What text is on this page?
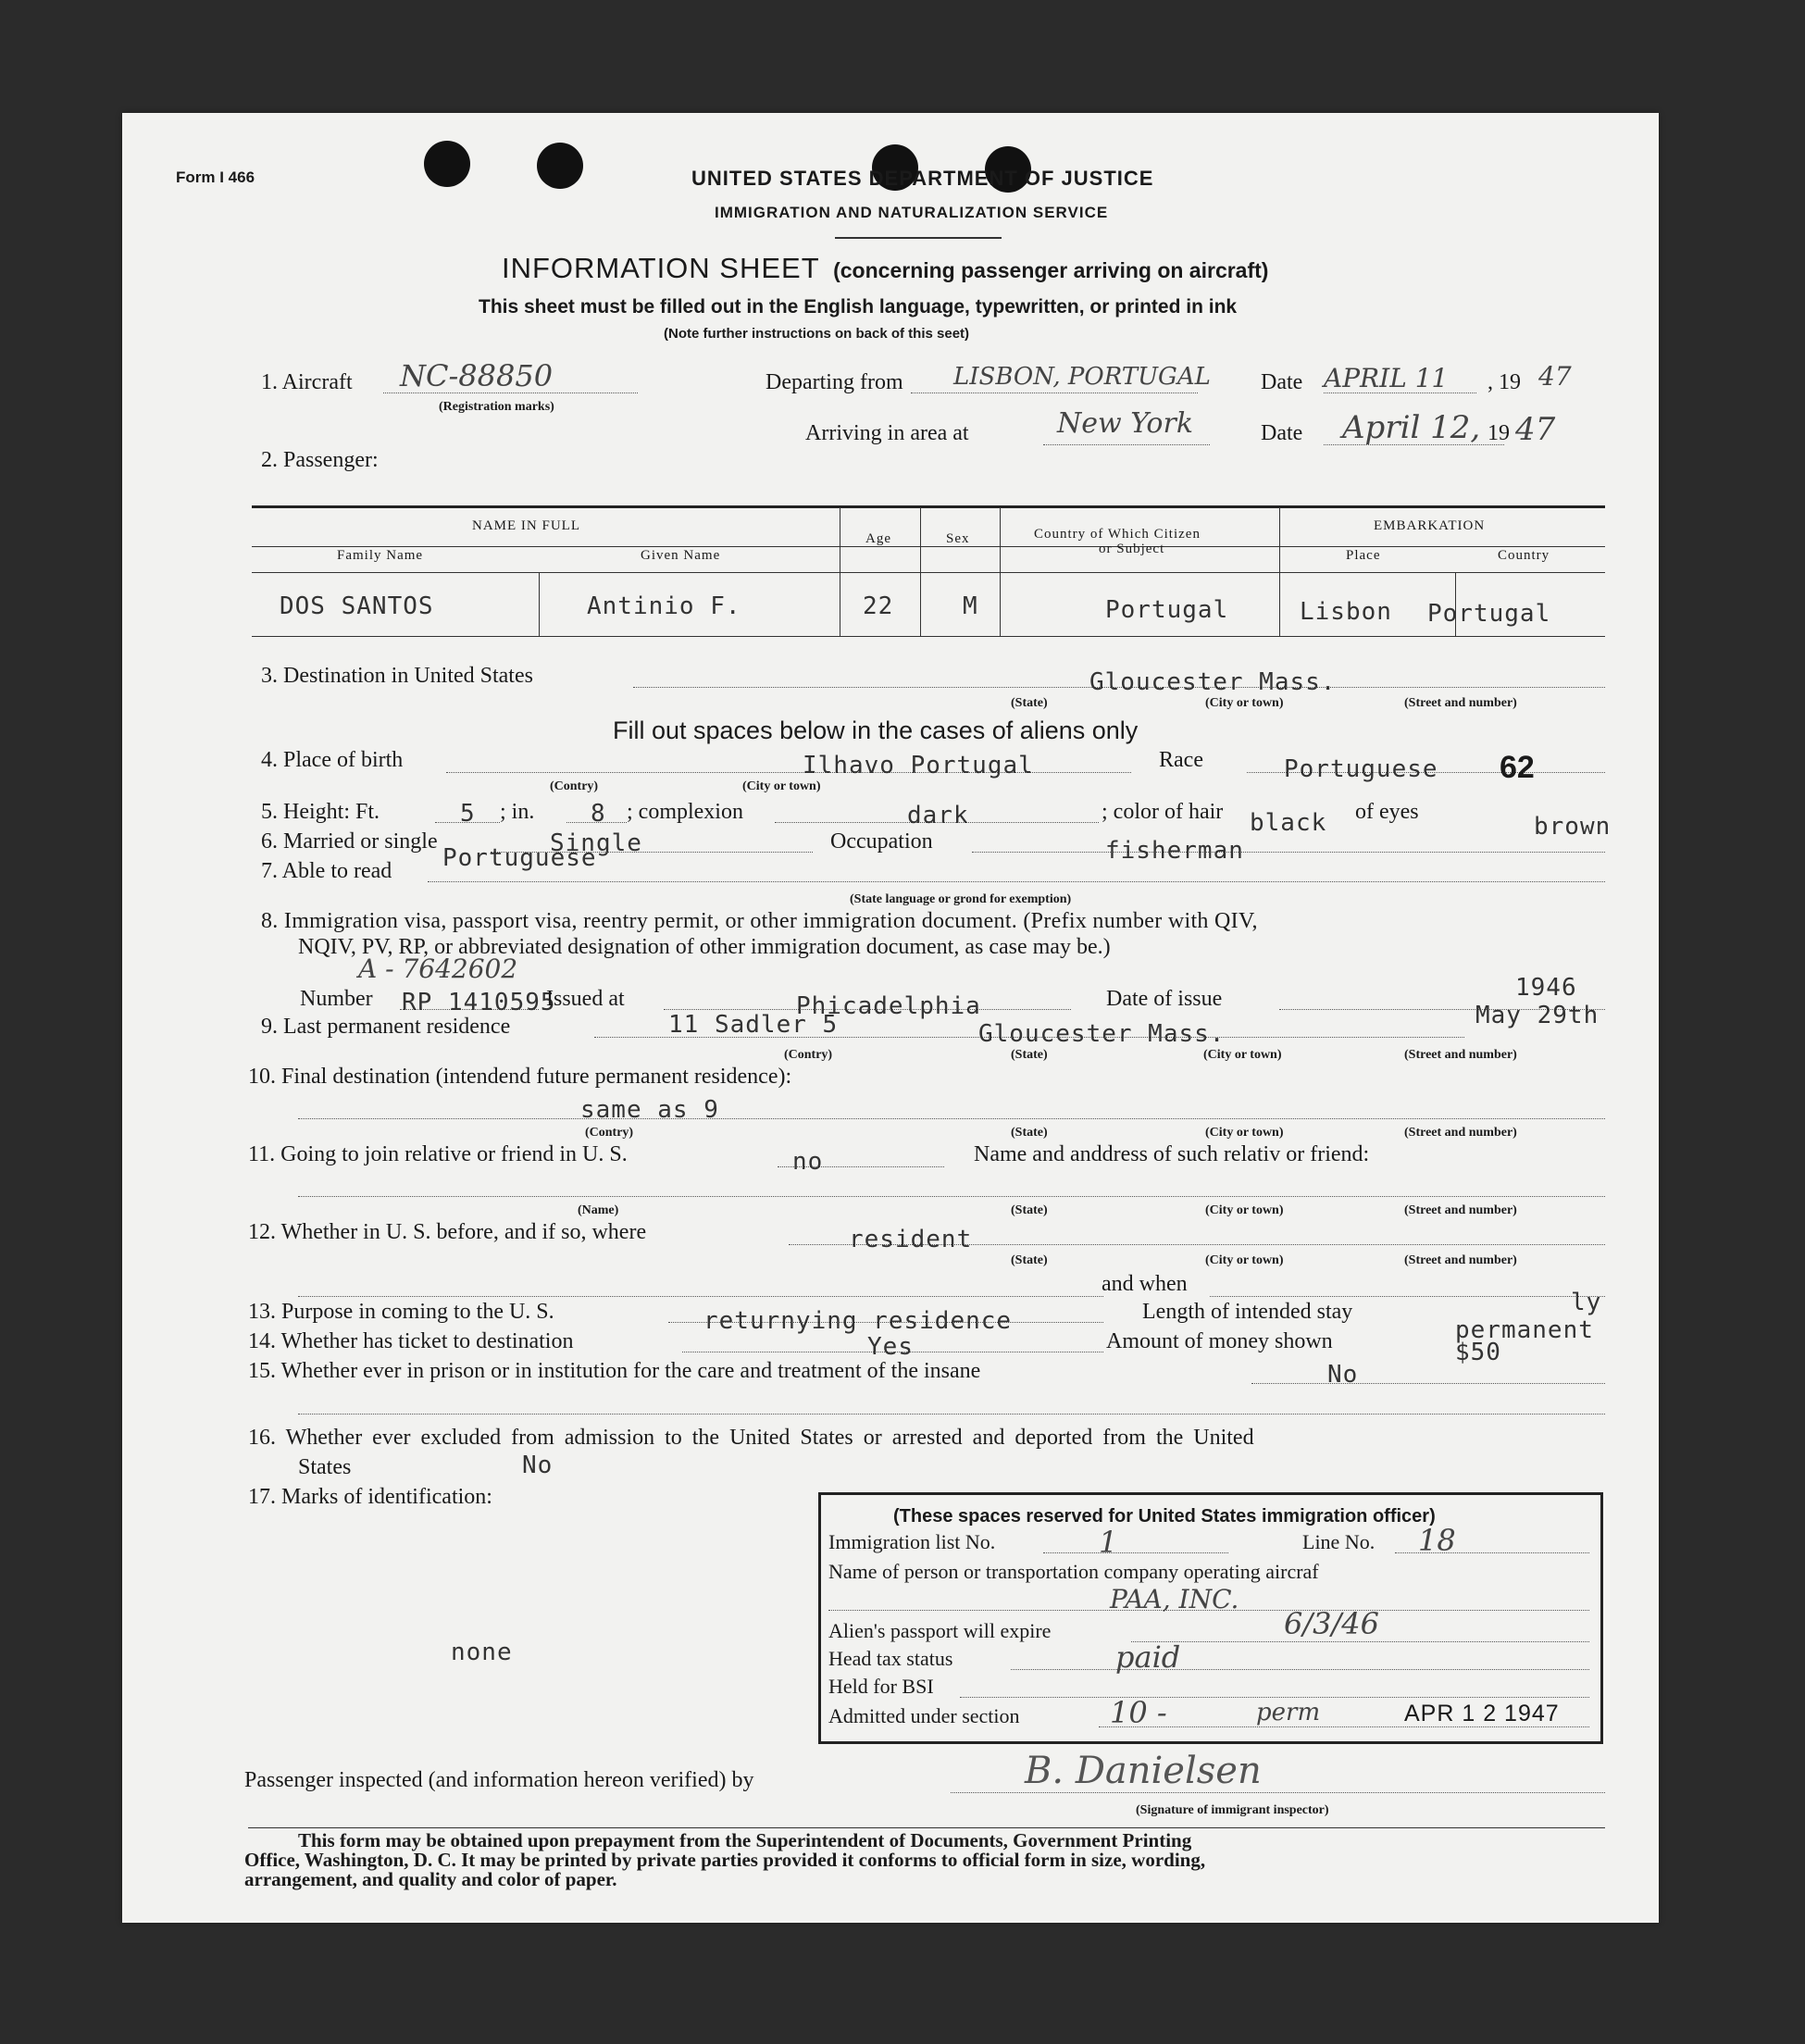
Form I 466	UNITED STATES DEPARTMENT OF JUSTICE
IMMIGRATION AND NATURALIZATION SERVICE
INFORMATION SHEET (concerning passenger arriving on aircraft)
This sheet must be filled out in the English language, typewritten, or printed in ink
(Note further instructions on back of this seet)
1. Aircraft NC-88850
(Registration marks)
Departing from LISBON, PORTUGAL Date APRIL 11 , 19 47
Arriving in area at	New York	Date April 12, 19 47
2. Passenger:
NAME IN FULL
Family Name	Given Name
Age	Sex	Country of Which Citizen
or Subject
EMBARKATION
Place	Country
DOS SANTOS	Antinio F.	22	M	Portugal	Lisbon Portugal
3. Destination in United States	Gloucester Mass.
(State)	(City or town)	(Street and number)
Fill out spaces below in the cases of aliens only
4. Place of birth	Ilhavo Portugal
(Contry)	(City or town)
Race	Portuguese 62
5. Height: Ft.	5 ; in. 8 ; complexion	dark	; color of hair black of eyes
brown
6. Married or single	Single	Occupation	fisherman
7. Able to read Portuguese
(State language or grond for exemption)
8. Immigration visa, passport visa, reentry permit, or other immigration document. (Prefix number with QIV,
NQIV, PV, RP, or abbreviated designation of other immigration document, as case may be.)
A - 7642602
Number RP 1410595
Issued at	Phicadelphia	Date of issue	1946
May 29th
9. Last permanent residence	11 Sadler 5	Gloucester Mass.
(Contry)	(State)	(City or town)	(Street and number)
10. Final destination (intendend future permanent residence):
same as 9
(Contry)	(State)	(City or town)	(Street and number)
11. Going to join relative or friend in U. S.	no	Name and anddress of such relativ or friend:
(Name)	(State)	(City or town)	(Street and number)
12. Whether in U. S. before, and if so, where	resident
(State)	(City or town)	(Street and number)
and when
13. Purpose in coming to the U. S.	returnying residence	Length of intended stay	ly
permanent
14. Whether has ticket to destination	Yes	Amount of money shown	$50
15. Whether ever in prison or in institution for the care and treatment of the insane	No
16. Whether ever excluded from admission to the United States or arrested and deported from the United
States	No
17. Marks of identification:
none
(These spaces reserved for United States immigration officer)
Immigration list No.	1	Line No. 18
Name of person or transportation company operating aircraf
PAA, INC.
Alien's passport will expire	6/3/46
Head tax status	paid
Held for BSI
Admitted under section	10 -	perm	APR 1 2 1947
Passenger inspected (and information hereon verified) by	B. Danielsen
(Signature of immigrant inspector)
This form may be obtained upon prepayment from the Superintendent of Documents, Government Printing
Office, Washington, D. C. It may be printed by private parties provided it conforms to official form in size, wording,
arrangement, and quality and color of paper.
